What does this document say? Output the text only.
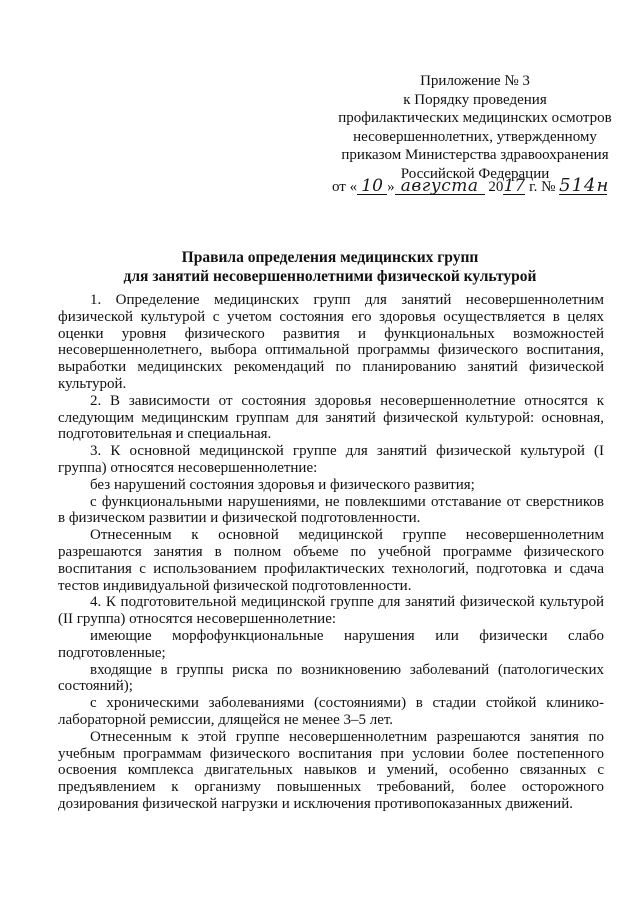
Приложение № 3
к Порядку проведения
профилактических медицинских осмотров
несовершеннолетних, утвержденному
приказом Министерства здравоохранения
Российской Федерации
от « 10 » августа 2017 г. № 514н
Правила определения медицинских групп
для занятий несовершеннолетними физической культурой

1. Определение медицинских групп для занятий несовершеннолетним физической культурой с учетом состояния его здоровья осуществляется в целях оценки уровня физического развития и функциональных возможностей несовершеннолетнего, выбора оптимальной программы физического воспитания, выработки медицинских рекомендаций по планированию занятий физической культурой.

2. В зависимости от состояния здоровья несовершеннолетние относятся к следующим медицинским группам для занятий физической культурой: основная, подготовительная и специальная.

3. К основной медицинской группе для занятий физической культурой (I группа) относятся несовершеннолетние:

без нарушений состояния здоровья и физического развития;

с функциональными нарушениями, не повлекшими отставание от сверстников в физическом развитии и физической подготовленности.

Отнесенным к основной медицинской группе несовершеннолетним разрешаются занятия в полном объеме по учебной программе физического воспитания с использованием профилактических технологий, подготовка и сдача тестов индивидуальной физической подготовленности.

4. К подготовительной медицинской группе для занятий физической культурой (II группа) относятся несовершеннолетние:

имеющие морфофункциональные нарушения или физически слабо подготовленные;

входящие в группы риска по возникновению заболеваний (патологических состояний);

с хроническими заболеваниями (состояниями) в стадии стойкой клинико-лабораторной ремиссии, длящейся не менее 3–5 лет.

Отнесенным к этой группе несовершеннолетним разрешаются занятия по учебным программам физического воспитания при условии более постепенного освоения комплекса двигательных навыков и умений, особенно связанных с предъявлением к организму повышенных требований, более осторожного дозирования физической нагрузки и исключения противопоказанных движений.
